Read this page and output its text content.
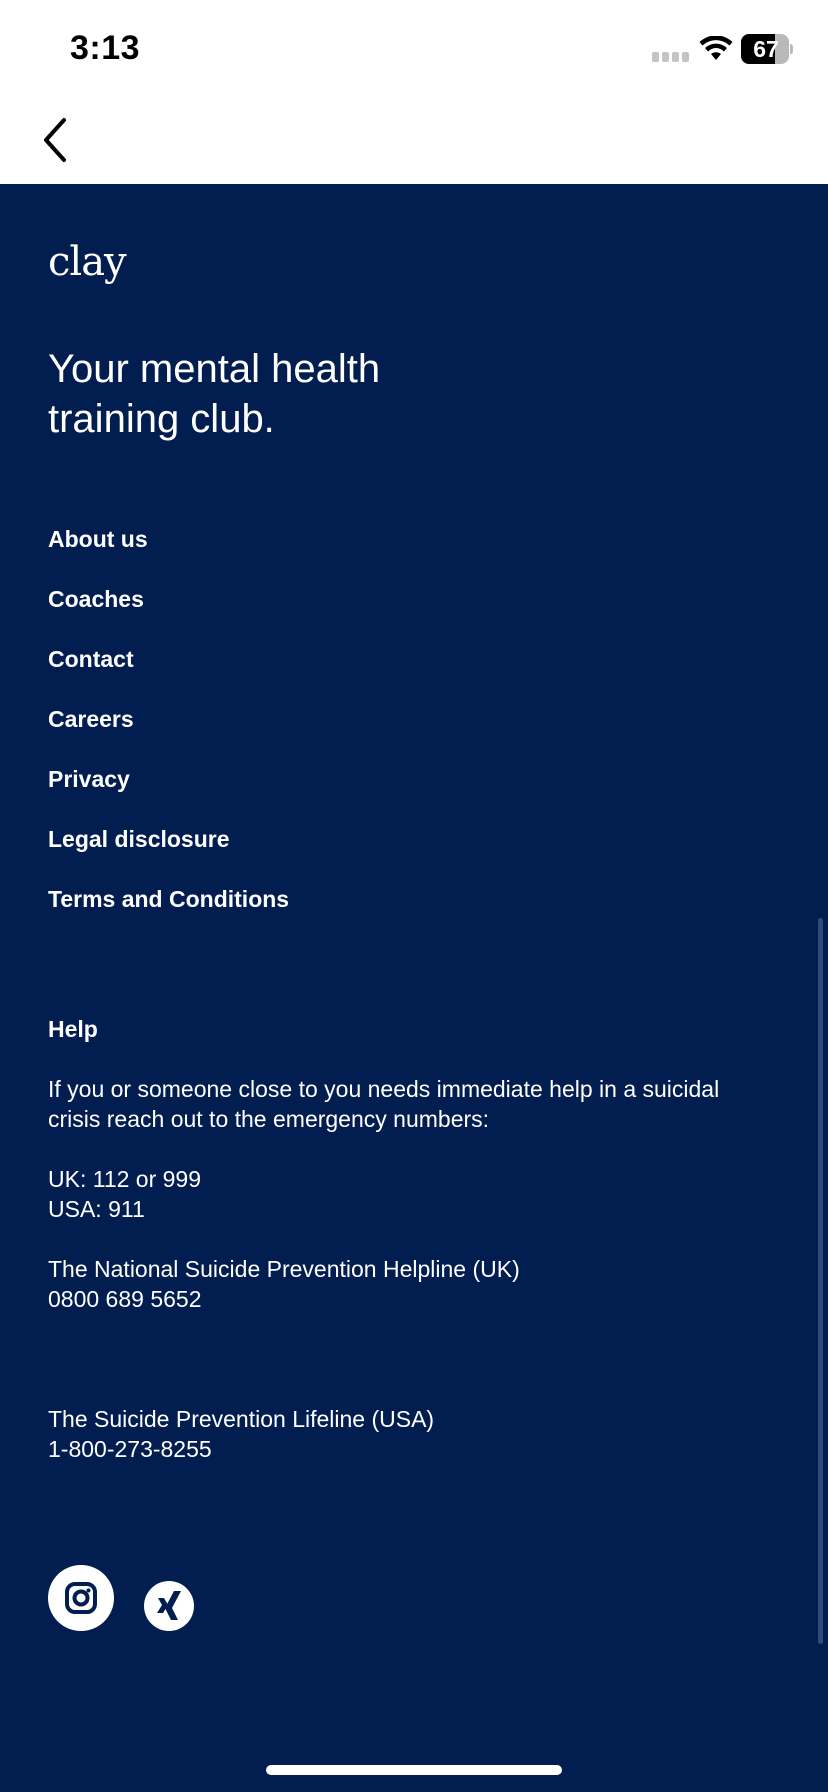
3:13	67
clay
Your mental health
training club.
About us
Coaches
Contact
Careers
Privacy
Legal disclosure
Terms and Conditions
Help
If you or someone close to you needs immediate help in a suicidal
crisis reach out to the emergency numbers:
UK: 112 or 999
USA: 911
The National Suicide Prevention Helpline (UK)
0800 689 5652
The Suicide Prevention Lifeline (USA)
1-800-273-8255
